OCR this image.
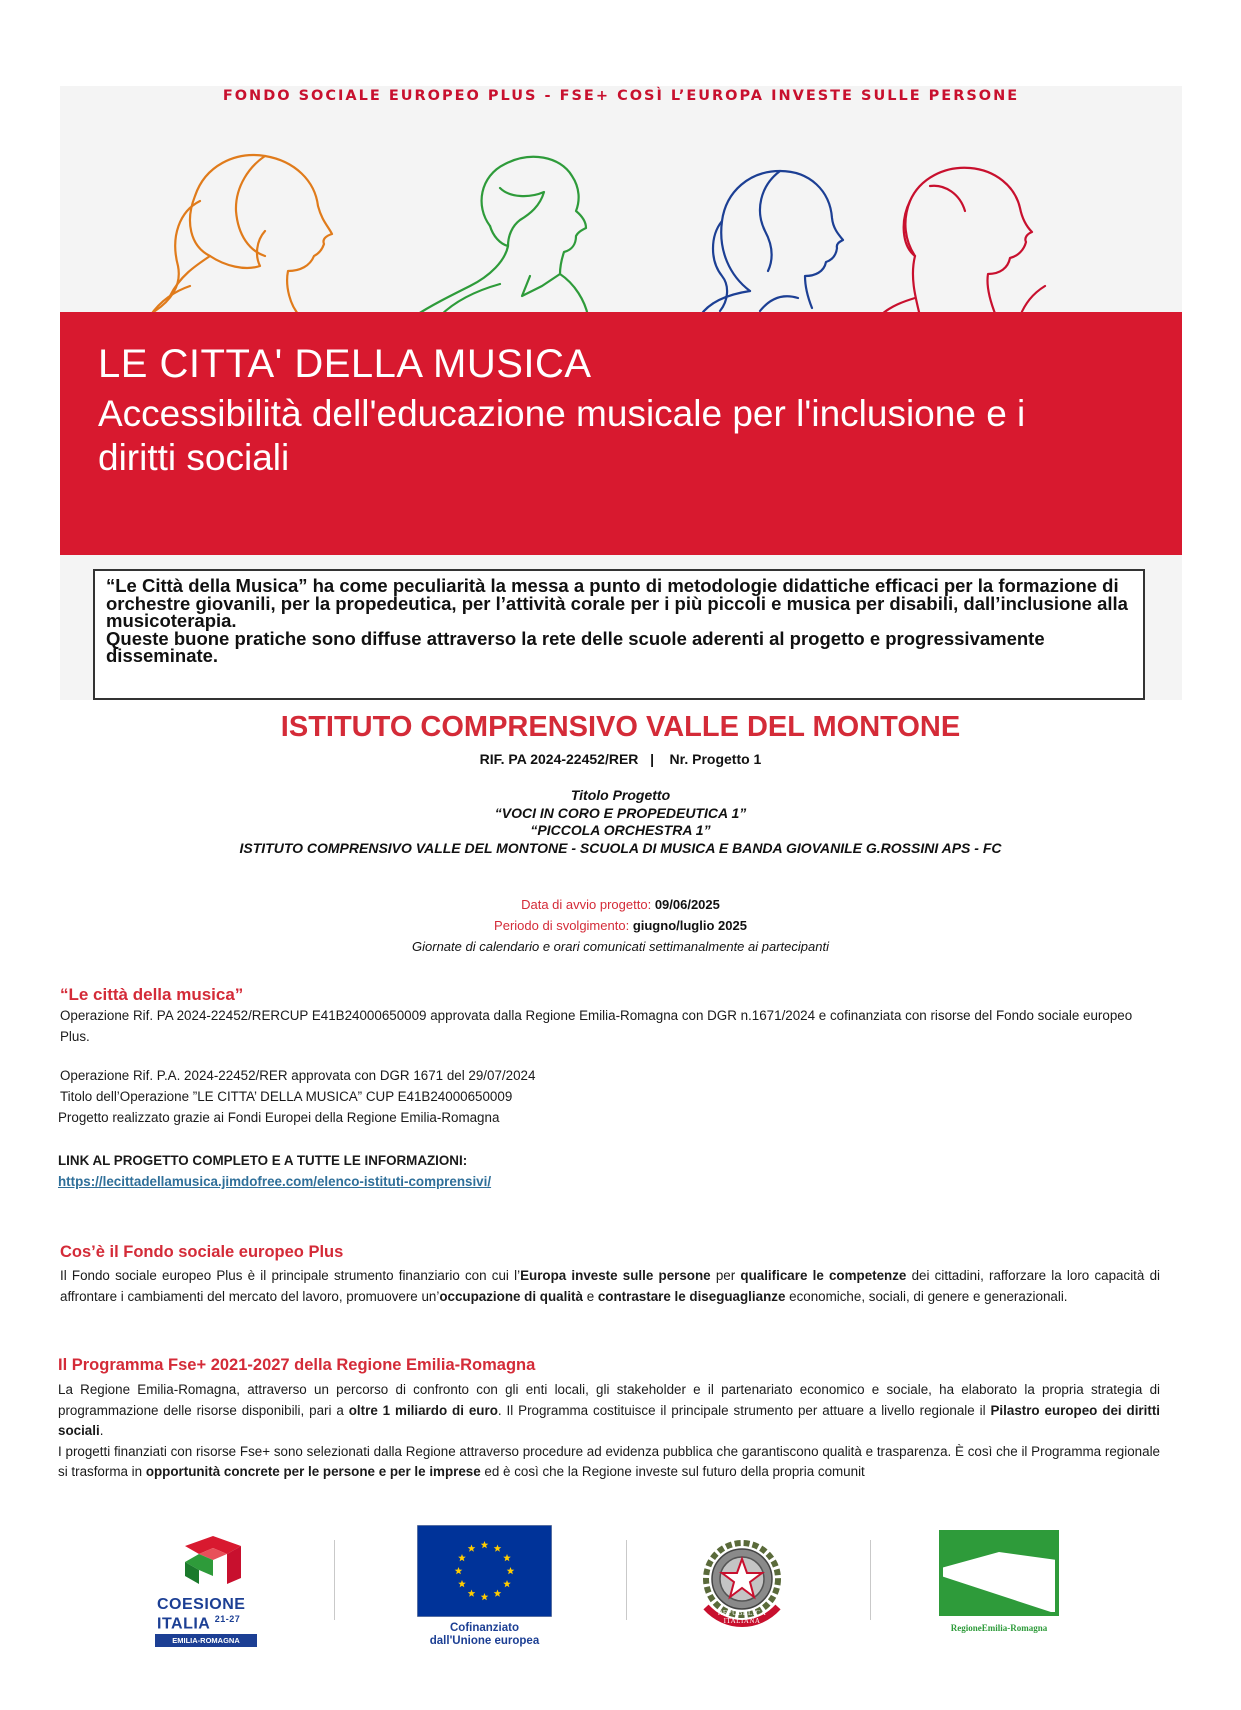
FONDO SOCIALE EUROPEO PLUS - FSE+ COSÌ L’EUROPA INVESTE SULLE PERSONE
LE CITTA' DELLA MUSICA
Accessibilità dell'educazione musicale per l'inclusione e i diritti sociali
“Le Città della Musica” ha come peculiarità la messa a punto di metodologie didattiche efficaci per la formazione di orchestre giovanili, per la propedeutica, per l’attività corale per i più piccoli e musica per disabili, dall’inclusione alla musicoterapia.
Queste buone pratiche sono diffuse attraverso la rete delle scuole aderenti al progetto e progressivamente disseminate.
ISTITUTO COMPRENSIVO VALLE DEL MONTONE
RIF. PA 2024-22452/RER   |    Nr. Progetto 1
Titolo Progetto
“VOCI IN CORO E PROPEDEUTICA 1”
“PICCOLA ORCHESTRA 1”
ISTITUTO COMPRENSIVO VALLE DEL MONTONE - SCUOLA DI MUSICA E BANDA GIOVANILE G.ROSSINI APS - FC
Data di avvio progetto: 09/06/2025
Periodo di svolgimento: giugno/luglio 2025
Giornate di calendario e orari comunicati settimanalmente ai partecipanti
“Le città della musica”
Operazione Rif. PA 2024-22452/RERCUP E41B24000650009 approvata dalla Regione Emilia-Romagna con DGR n.1671/2024 e cofinanziata con risorse del Fondo sociale europeo Plus.
Operazione Rif. P.A. 2024-22452/RER approvata con DGR 1671 del 29/07/2024
Titolo dell’Operazione ”LE CITTA’ DELLA MUSICA” CUP E41B24000650009
Progetto realizzato grazie ai Fondi Europei della Regione Emilia-Romagna
LINK AL PROGETTO COMPLETO E A TUTTE LE INFORMAZIONI:
https://lecittadellamusica.jimdofree.com/elenco-istituti-comprensivi/
Cos’è il Fondo sociale europeo Plus
Il Fondo sociale europeo Plus è il principale strumento finanziario con cui l’Europa investe sulle persone per qualificare le competenze dei cittadini, rafforzare la loro capacità di affrontare i cambiamenti del mercato del lavoro, promuovere un’occupazione di qualità e contrastare le diseguaglianze economiche, sociali, di genere e generazionali.
Il Programma Fse+ 2021-2027 della Regione Emilia-Romagna
La Regione Emilia-Romagna, attraverso un percorso di confronto con gli enti locali, gli stakeholder e il partenariato economico e sociale, ha elaborato la propria strategia di programmazione delle risorse disponibili, pari a oltre 1 miliardo di euro. Il Programma costituisce il principale strumento per attuare a livello regionale il Pilastro europeo dei diritti sociali.
I progetti finanziati con risorse Fse+ sono selezionati dalla Regione attraverso procedure ad evidenza pubblica che garantiscono qualità e trasparenza. È così che il Programma regionale si trasforma in opportunità concrete per le persone e per le imprese ed è così che la Regione investe sul futuro della propria comunit
COESIONE
ITALIA $^{21-27}$
EMILIA-ROMAGNA
Cofinanziato
dall'Unione europea
REPUBBLICA ITALIANA
RegioneEmilia-Romagna
